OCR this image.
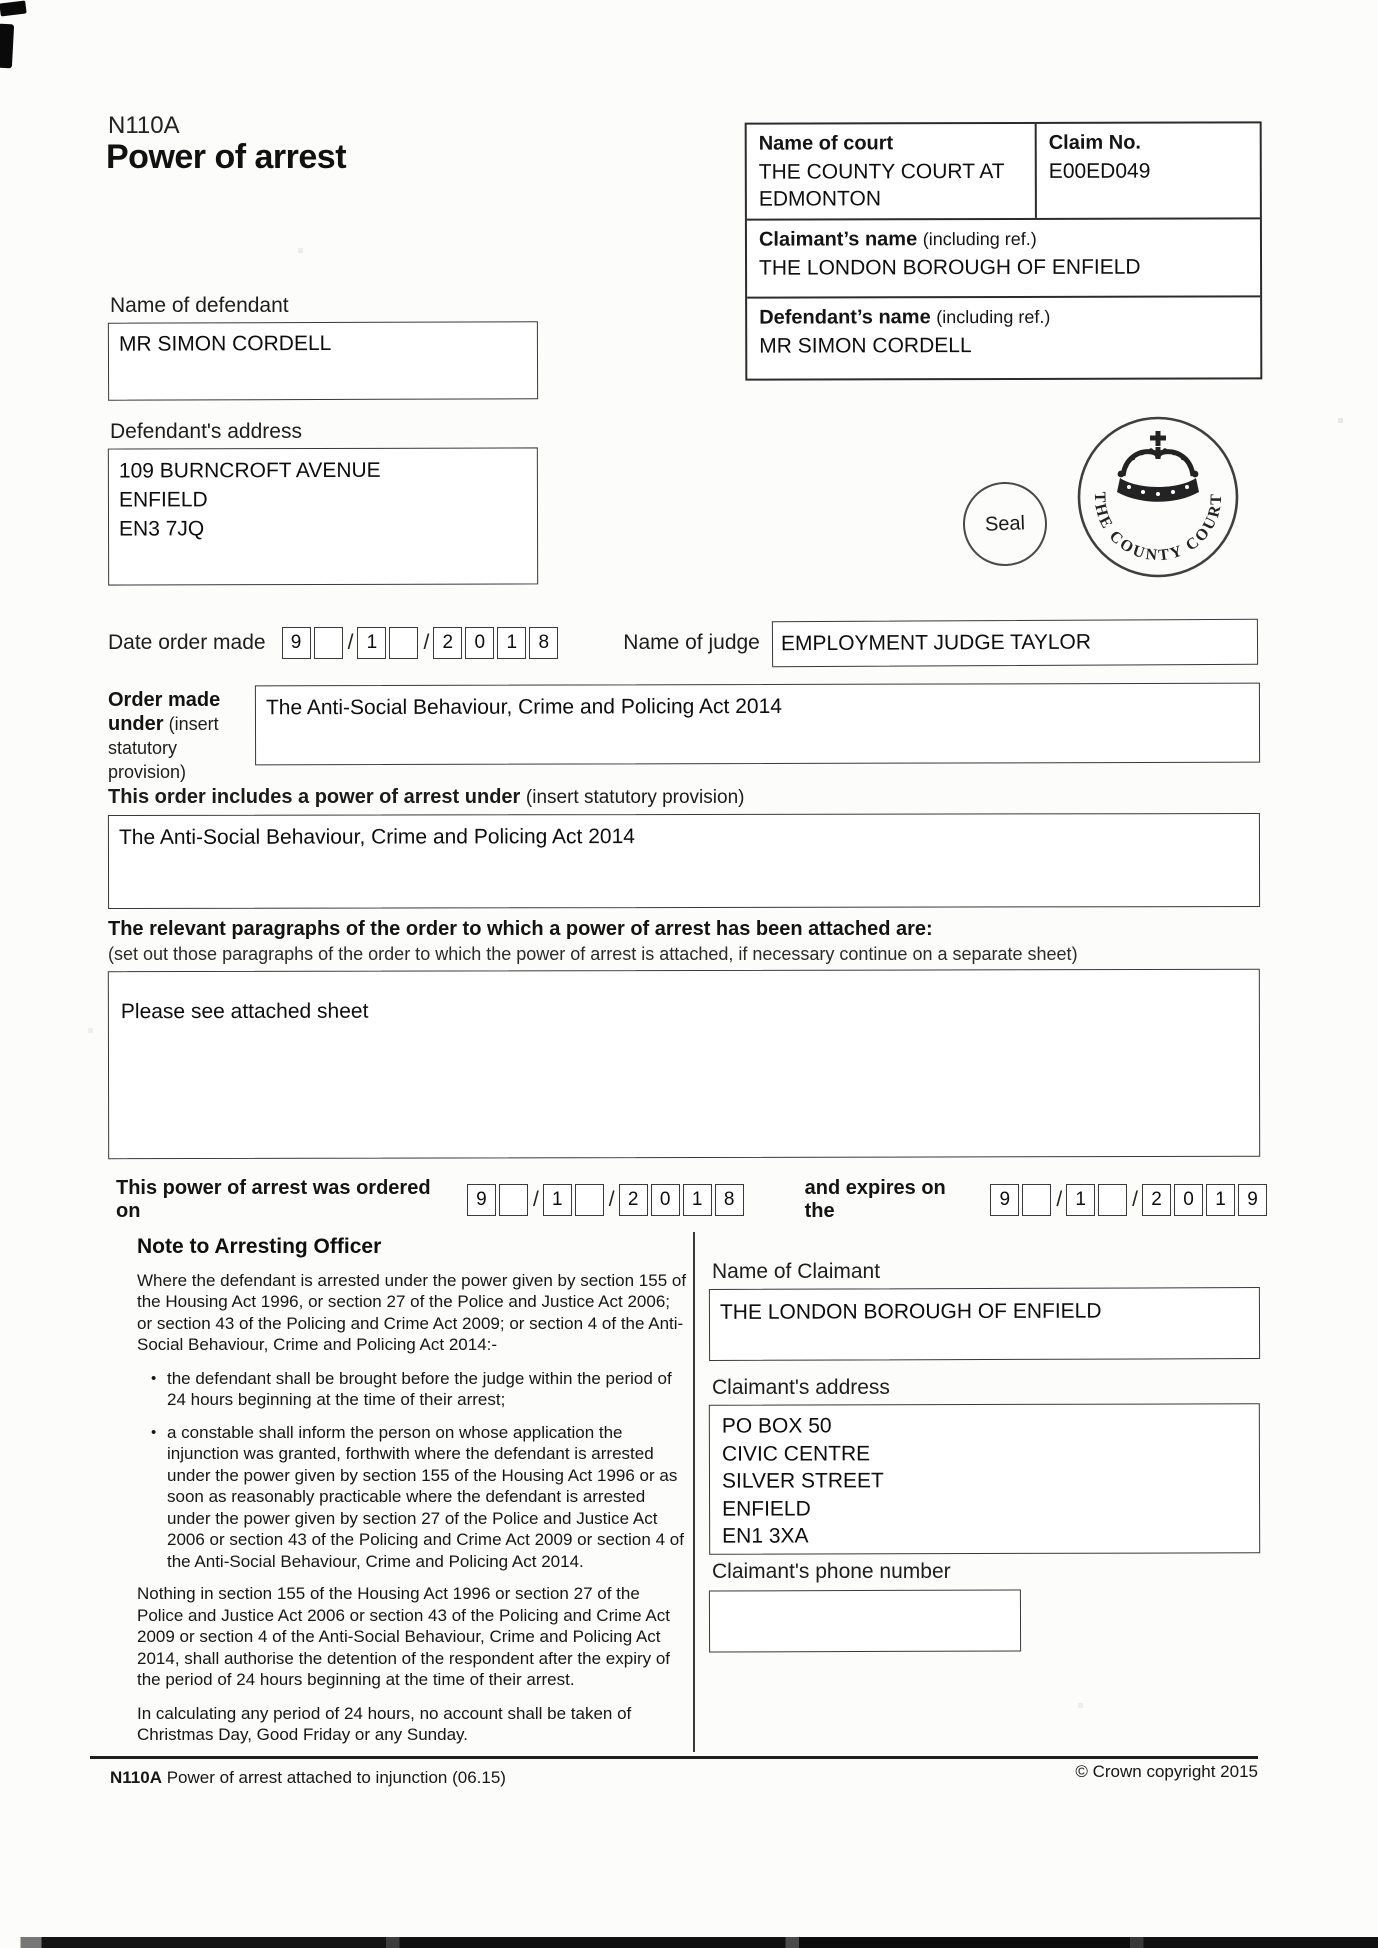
N110A
Power of arrest	Name of court
THE COUNTY COURT AT EDMONTON
Claim No.
E00ED049
Claimant’s name (including ref.)
THE LONDON BOROUGH OF ENFIELD
Defendant’s name (including ref.)
MR SIMON CORDELL
Name of defendant
MR SIMON CORDELL
Defendant's address
109 BURNCROFT AVENUE
ENFIELD
EN3 7JQ	Seal
THE COUNTY COURT
Date order made	9	/ 1	/ 2	0	1	8	Name of judge EMPLOYMENT JUDGE TAYLOR
Order made under (insert statutory provision)
The Anti-Social Behaviour, Crime and Policing Act 2014
This order includes a power of arrest under (insert statutory provision)
The Anti-Social Behaviour, Crime and Policing Act 2014
The relevant paragraphs of the order to which a power of arrest has been attached are:
(set out those paragraphs of the order to which the power of arrest is attached, if necessary continue on a separate sheet)
Please see attached sheet
This power of arrest was ordered on
9	/ 1	/ 2	0	1	8
and expires on the
9	/ 1	/ 2	0	1	9
Note to Arresting Officer

Where the defendant is arrested under the power given by section 155 of the Housing Act 1996, or section 27 of the Police and Justice Act 2006; or section 43 of the Policing and Crime Act 2009; or section 4 of the Anti-Social Behaviour, Crime and Policing Act 2014:-

• the defendant shall be brought before the judge within the period of 24 hours beginning at the time of their arrest;
• a constable shall inform the person on whose application the injunction was granted, forthwith where the defendant is arrested under the power given by section 155 of the Housing Act 1996 or as soon as reasonably practicable where the defendant is arrested under the power given by section 27 of the Police and Justice Act 2006 or section 43 of the Policing and Crime Act 2009 or section 4 of the Anti-Social Behaviour, Crime and Policing Act 2014.

Nothing in section 155 of the Housing Act 1996 or section 27 of the Police and Justice Act 2006 or section 43 of the Policing and Crime Act 2009 or section 4 of the Anti-Social Behaviour, Crime and Policing Act 2014, shall authorise the detention of the respondent after the expiry of the period of 24 hours beginning at the time of their arrest.

In calculating any period of 24 hours, no account shall be taken of Christmas Day, Good Friday or any Sunday.

Name of Claimant
THE LONDON BOROUGH OF ENFIELD
Claimant's address
PO BOX 50
CIVIC CENTRE
SILVER STREET
ENFIELD
EN1 3XA
Claimant's phone number
N110A Power of arrest attached to injunction (06.15)	© Crown copyright 2015
